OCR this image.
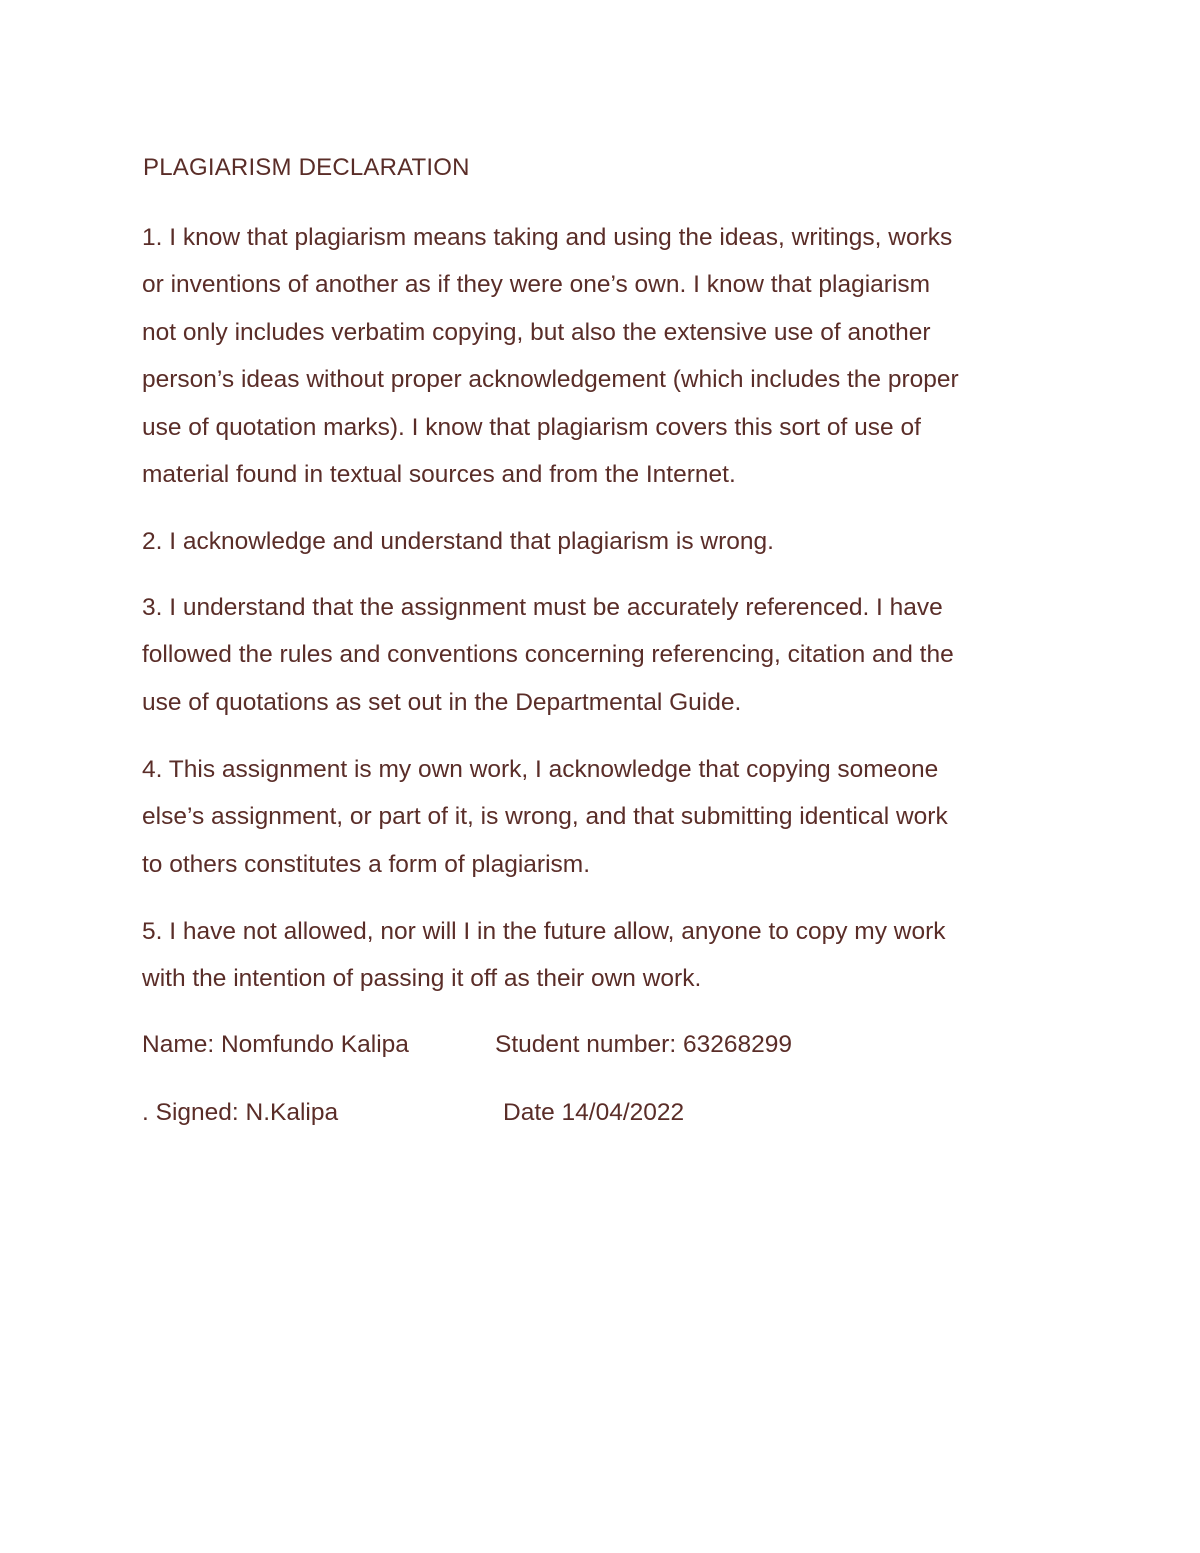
PLAGIARISM DECLARATION

1. I know that plagiarism means taking and using the ideas, writings, works
or inventions of another as if they were one’s own. I know that plagiarism
not only includes verbatim copying, but also the extensive use of another
person’s ideas without proper acknowledgement (which includes the proper
use of quotation marks). I know that plagiarism covers this sort of use of
material found in textual sources and from the Internet.

2. I acknowledge and understand that plagiarism is wrong.

3. I understand that the assignment must be accurately referenced. I have
followed the rules and conventions concerning referencing, citation and the
use of quotations as set out in the Departmental Guide.

4. This assignment is my own work, I acknowledge that copying someone
else’s assignment, or part of it, is wrong, and that submitting identical work
to others constitutes a form of plagiarism.

5. I have not allowed, nor will I in the future allow, anyone to copy my work
with the intention of passing it off as their own work.

Name: Nomfundo Kalipa	Student number: 63268299
. Signed: N.Kalipa	Date 14/04/2022
